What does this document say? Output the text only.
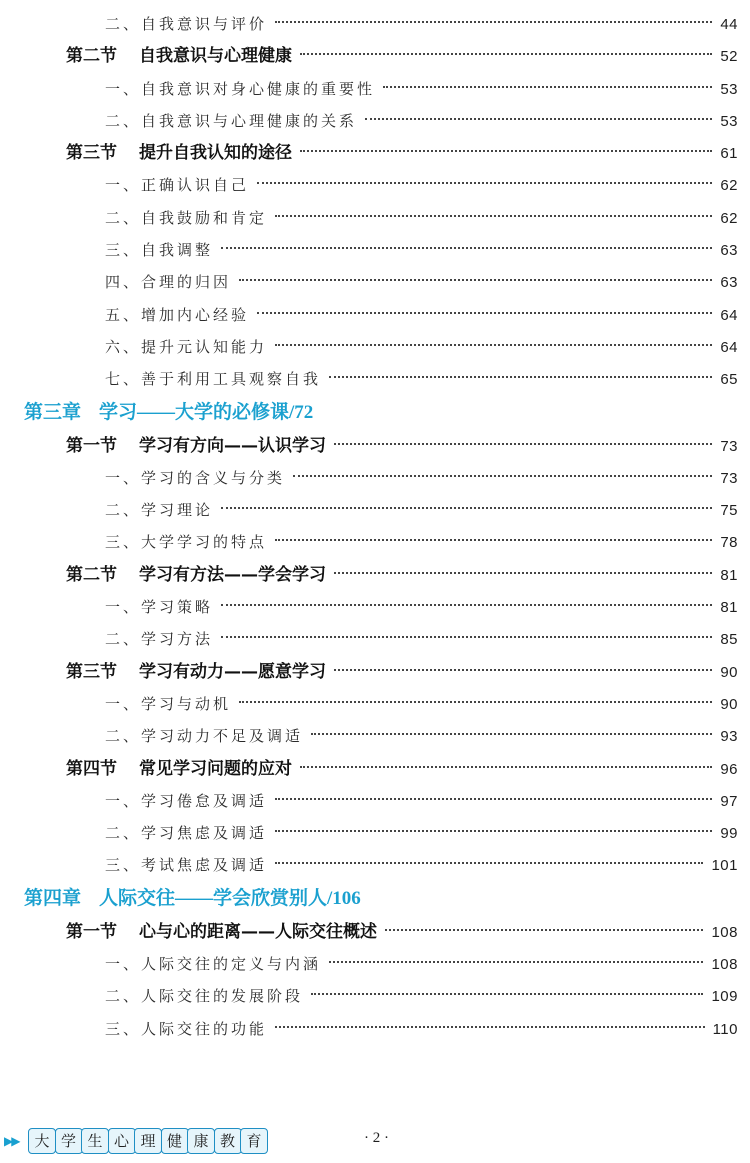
二、自我意识与评价	44
第二节 自我意识与心理健康	52
一、自我意识对身心健康的重要性	53
二、自我意识与心理健康的关系	53
第三节 提升自我认知的途径	61
一、正确认识自己	62
二、自我鼓励和肯定	62
三、自我调整	63
四、合理的归因	63
五、增加内心经验	64
六、提升元认知能力	64
七、善于利用工具观察自我	65
第三章 学习——大学的必修课/72
第一节 学习有方向——认识学习	73
一、学习的含义与分类	73
二、学习理论	75
三、大学学习的特点	78
第二节 学习有方法——学会学习	81
一、学习策略	81
二、学习方法	85
第三节 学习有动力——愿意学习	90
一、学习与动机	90
二、学习动力不足及调适	93
第四节 常见学习问题的应对	96
一、学习倦怠及调适	97
二、学习焦虑及调适	99
三、考试焦虑及调适	101
第四章 人际交往——学会欣赏别人/106
第一节 心与心的距离——人际交往概述	108
一、人际交往的定义与内涵	108
二、人际交往的发展阶段	109
三、人际交往的功能	110
▶▶	大 学 生 心 理 健 康 教 育	· 2 ·
